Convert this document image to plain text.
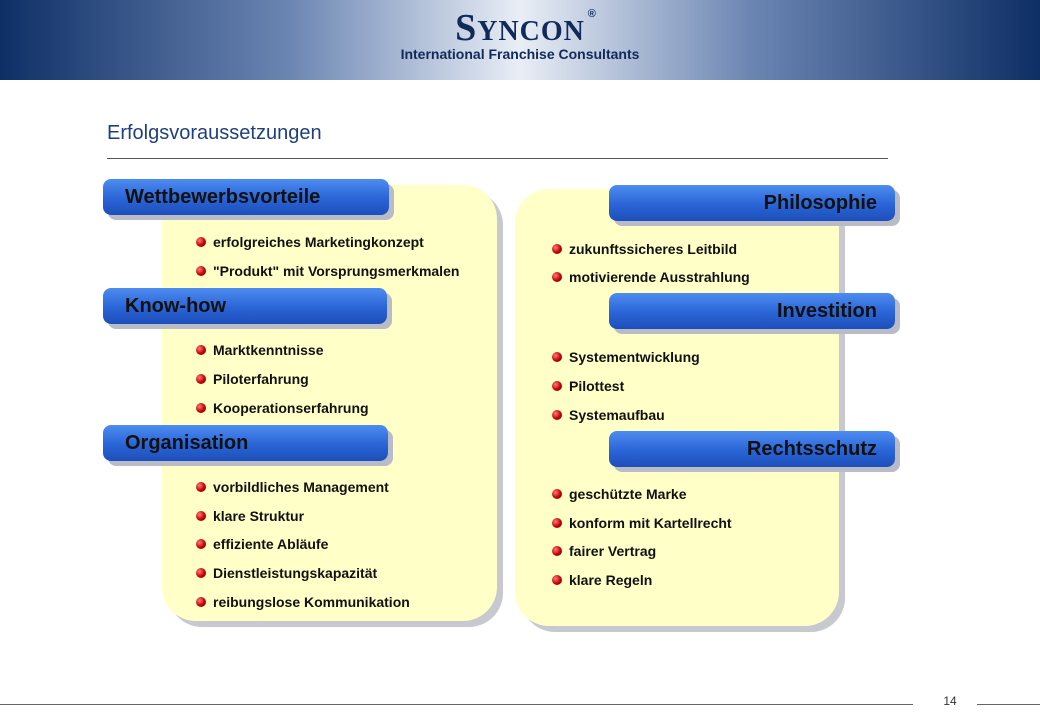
SYNCON
®
International Franchise Consultants
Erfolgsvoraussetzungen
Wettbewerbsvorteile
Know-how
Organisation
Philosophie
Investition
Rechtsschutz
erfolgreiches Marketingkonzept
"Produkt" mit Vorsprungsmerkmalen
Marktkenntnisse
Piloterfahrung
Kooperationserfahrung
vorbildliches Management
klare Struktur
effiziente Abläufe
Dienstleistungskapazität
reibungslose Kommunikation
zukunftssicheres Leitbild
motivierende Ausstrahlung
Systementwicklung
Pilottest
Systemaufbau
geschützte Marke
konform mit Kartellrecht
fairer Vertrag
klare Regeln
14
